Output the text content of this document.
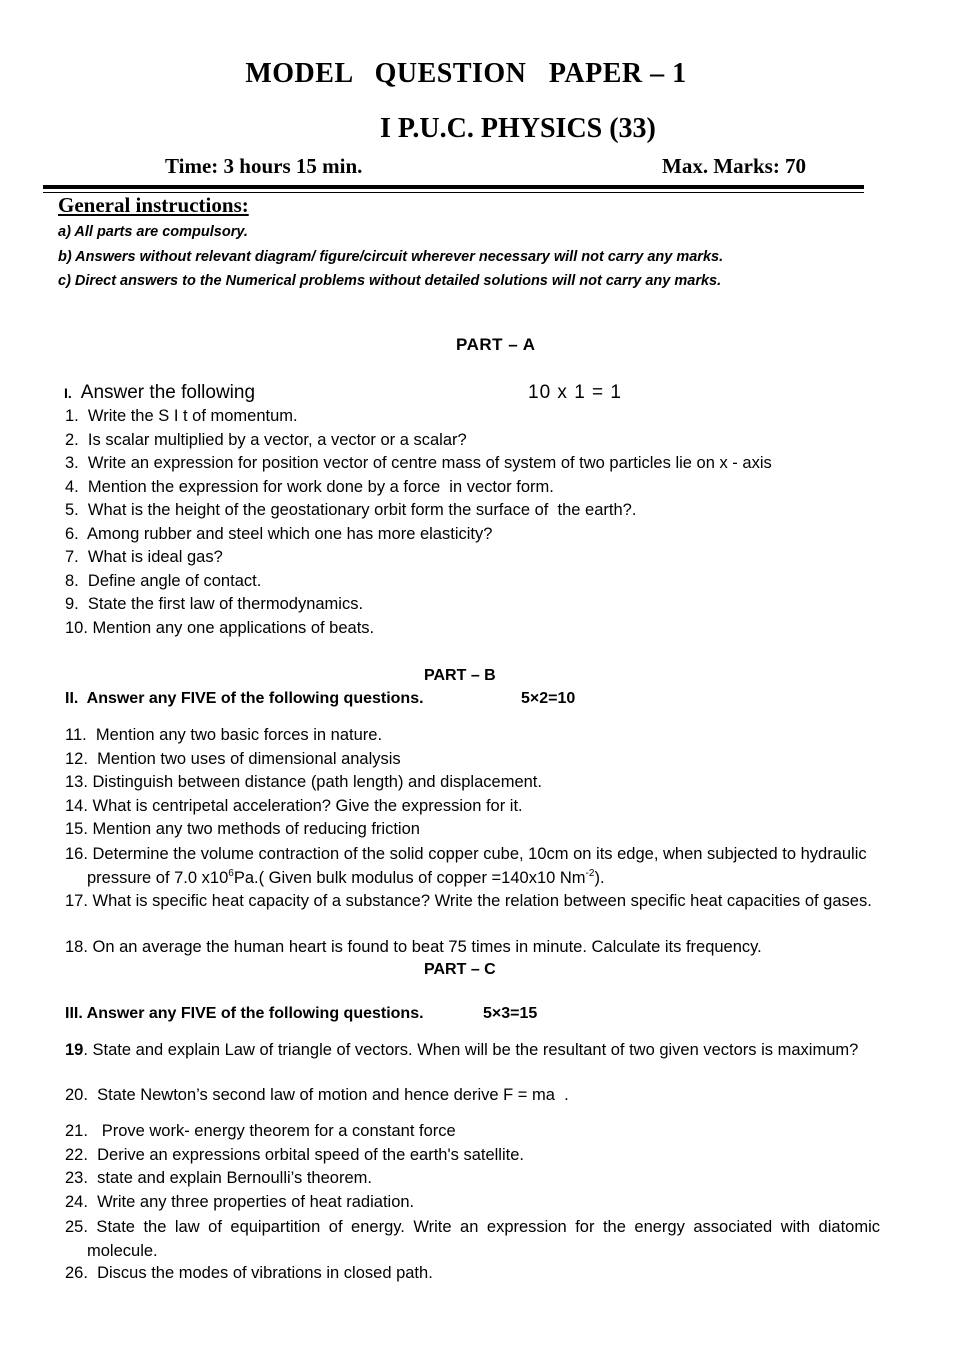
MODEL   QUESTION   PAPER – 1
I P.U.C. PHYSICS (33)
Time: 3 hours 15 min.	Max. Marks: 70
General instructions:
a) All parts are compulsory.
b) Answers without relevant diagram/ figure/circuit wherever necessary will not carry any marks.
c) Direct answers to the Numerical problems without detailed solutions will not carry any marks.
PART – A
I. Answer the following	10 x 1 = 1
1.  Write the S I t of momentum.
2.  Is scalar multiplied by a vector, a vector or a scalar?
3.  Write an expression for position vector of centre mass of system of two particles lie on x - axis
4.  Mention the expression for work done by a force  in vector form.
5.  What is the height of the geostationary orbit form the surface of  the earth?.
6.  Among rubber and steel which one has more elasticity?
7.  What is ideal gas?
8.  Define angle of contact.
9.  State the first law of thermodynamics.
10. Mention any one applications of beats.
PART – B
II.  Answer any FIVE of the following questions.	5×2=10
11.  Mention any two basic forces in nature.
12.  Mention two uses of dimensional analysis
13. Distinguish between distance (path length) and displacement.
14. What is centripetal acceleration? Give the expression for it.
15. Mention any two methods of reducing friction
16. Determine the volume contraction of the solid copper cube, 10cm on its edge, when subjected to hydraulic pressure of 7.0 $x10^6Pa$.( Given bulk modulus of copper =140x10 $Nm^{-2}$).
17. What is specific heat capacity of a substance? Write the relation between specific heat capacities of gases.
18. On an average the human heart is found to beat 75 times in minute. Calculate its frequency.
PART – C
III. Answer any FIVE of the following questions.	5×3=15
19. State and explain Law of triangle of vectors. When will be the resultant of two given vectors is maximum?
20.  State Newton’s second law of motion and hence derive F = ma  .
21.   Prove work- energy theorem for a constant force
22.  Derive an expressions orbital speed of the earth's satellite.
23.  state and explain Bernoulli’s theorem.
24.  Write any three properties of heat radiation.
25. State the law of equipartition of energy. Write an expression for the energy associated with diatomic molecule.
26.  Discus the modes of vibrations in closed path.
